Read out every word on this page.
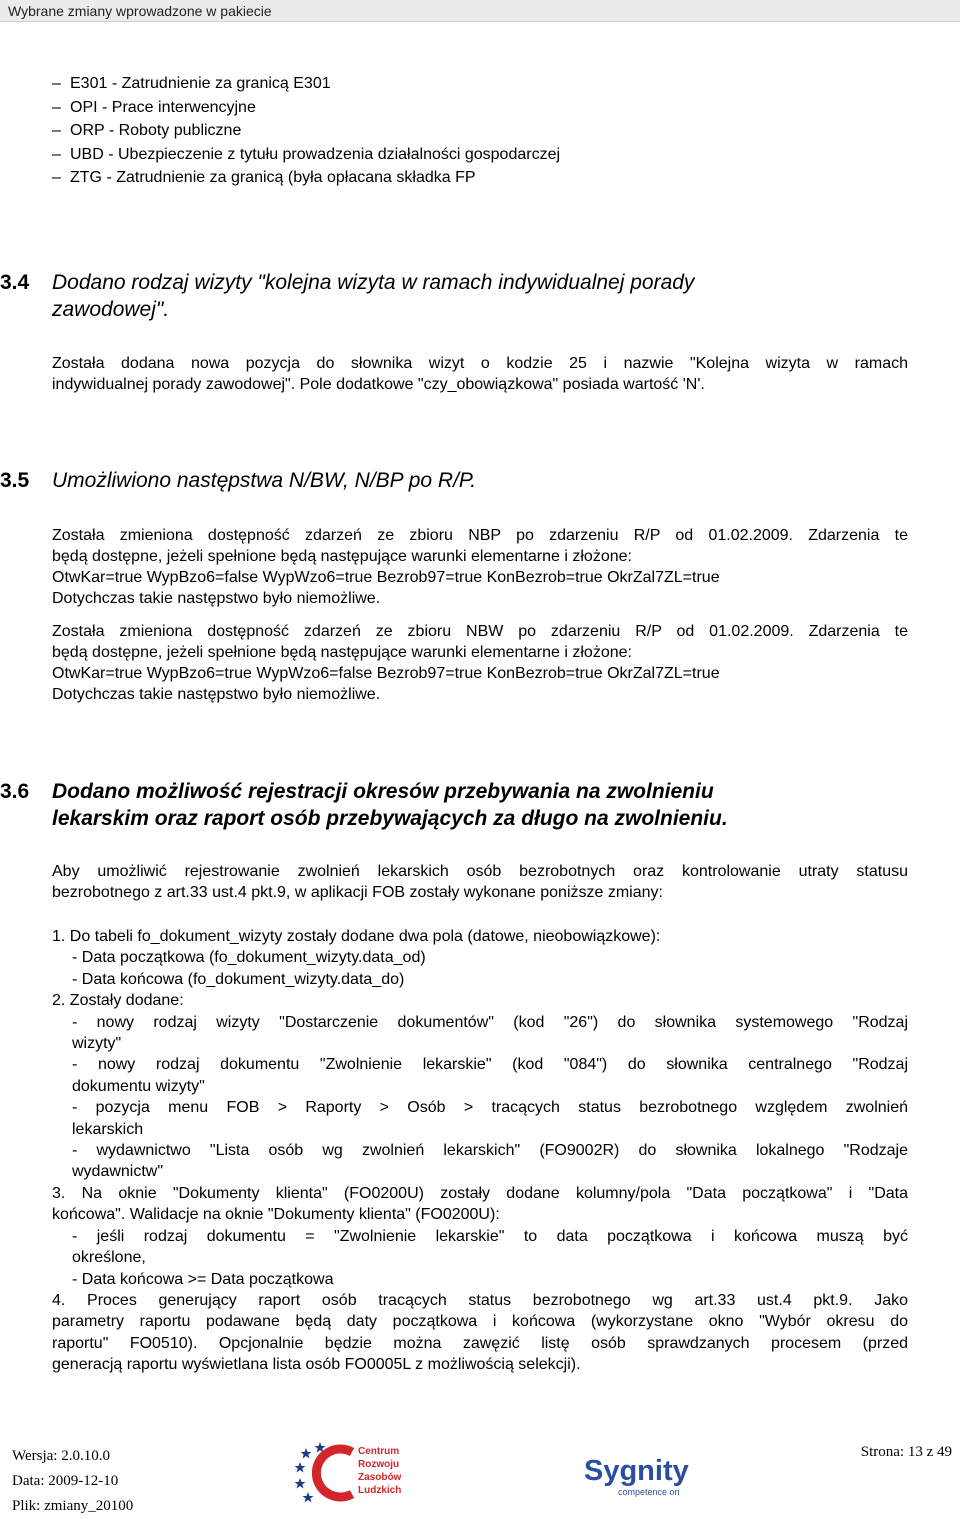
Wybrane zmiany wprowadzone w pakiecie
– E301 - Zatrudnienie za granicą E301
– OPI - Prace interwencyjne
– ORP - Roboty publiczne
– UBD - Ubezpieczenie z tytułu prowadzenia działalności gospodarczej
– ZTG - Zatrudnienie za granicą (była opłacana składka FP
3.4 Dodano rodzaj wizyty "kolejna wizyta w ramach indywidualnej porady
zawodowej".

Została dodana nowa pozycja do słownika wizyt o kodzie 25 i nazwie "Kolejna wizyta w ramach
indywidualnej porady zawodowej". Pole dodatkowe "czy_obowiązkowa" posiada wartość 'N'.

3.5 Umożliwiono następstwa N/BW, N/BP po R/P.

Została zmieniona dostępność zdarzeń ze zbioru NBP po zdarzeniu R/P od 01.02.2009. Zdarzenia te
będą dostępne, jeżeli spełnione będą następujące warunki elementarne i złożone:
OtwKar=true WypBzo6=false WypWzo6=true Bezrob97=true KonBezrob=true OkrZal7ZL=true
Dotychczas takie następstwo było niemożliwe.

Została zmieniona dostępność zdarzeń ze zbioru NBW po zdarzeniu R/P od 01.02.2009. Zdarzenia te
będą dostępne, jeżeli spełnione będą następujące warunki elementarne i złożone:
OtwKar=true WypBzo6=true WypWzo6=false Bezrob97=true KonBezrob=true OkrZal7ZL=true
Dotychczas takie następstwo było niemożliwe.

3.6 Dodano możliwość rejestracji okresów przebywania na zwolnieniu
lekarskim oraz raport osób przebywających za długo na zwolnieniu.

Aby umożliwić rejestrowanie zwolnień lekarskich osób bezrobotnych oraz kontrolowanie utraty statusu
bezrobotnego z art.33 ust.4 pkt.9, w aplikacji FOB zostały wykonane poniższe zmiany:

1. Do tabeli fo_dokument_wizyty zostały dodane dwa pola (datowe, nieobowiązkowe):
- Data początkowa (fo_dokument_wizyty.data_od)
- Data końcowa (fo_dokument_wizyty.data_do)
2. Zostały dodane:
- nowy rodzaj wizyty "Dostarczenie dokumentów" (kod "26") do słownika systemowego "Rodzaj
wizyty"
- nowy rodzaj dokumentu "Zwolnienie lekarskie" (kod "084") do słownika centralnego "Rodzaj
dokumentu wizyty"
- pozycja menu FOB > Raporty > Osób > tracących status bezrobotnego względem zwolnień
lekarskich
- wydawnictwo "Lista osób wg zwolnień lekarskich" (FO9002R) do słownika lokalnego "Rodzaje
wydawnictw"
3. Na oknie "Dokumenty klienta" (FO0200U) zostały dodane kolumny/pola "Data początkowa" i "Data
końcowa". Walidacje na oknie "Dokumenty klienta" (FO0200U):
- jeśli rodzaj dokumentu = "Zwolnienie lekarskie" to data początkowa i końcowa muszą być
określone,
- Data końcowa >= Data początkowa
4. Proces generujący raport osób tracących status bezrobotnego wg art.33 ust.4 pkt.9. Jako
parametry raportu podawane będą daty początkowa i końcowa (wykorzystane okno "Wybór okresu do
raportu" FO0510). Opcjonalnie będzie można zawęzić listę osób sprawdzanych procesem (przed
generacją raportu wyświetlana lista osób FO0005L z możliwością selekcji).
Wersja: 2.0.10.0
Data: 2009-12-10
Plik: zmiany_20100
Centrum
Rozwoju
Zasobów
Ludzkich
Sygnity
competence on
Strona: 13 z 49
